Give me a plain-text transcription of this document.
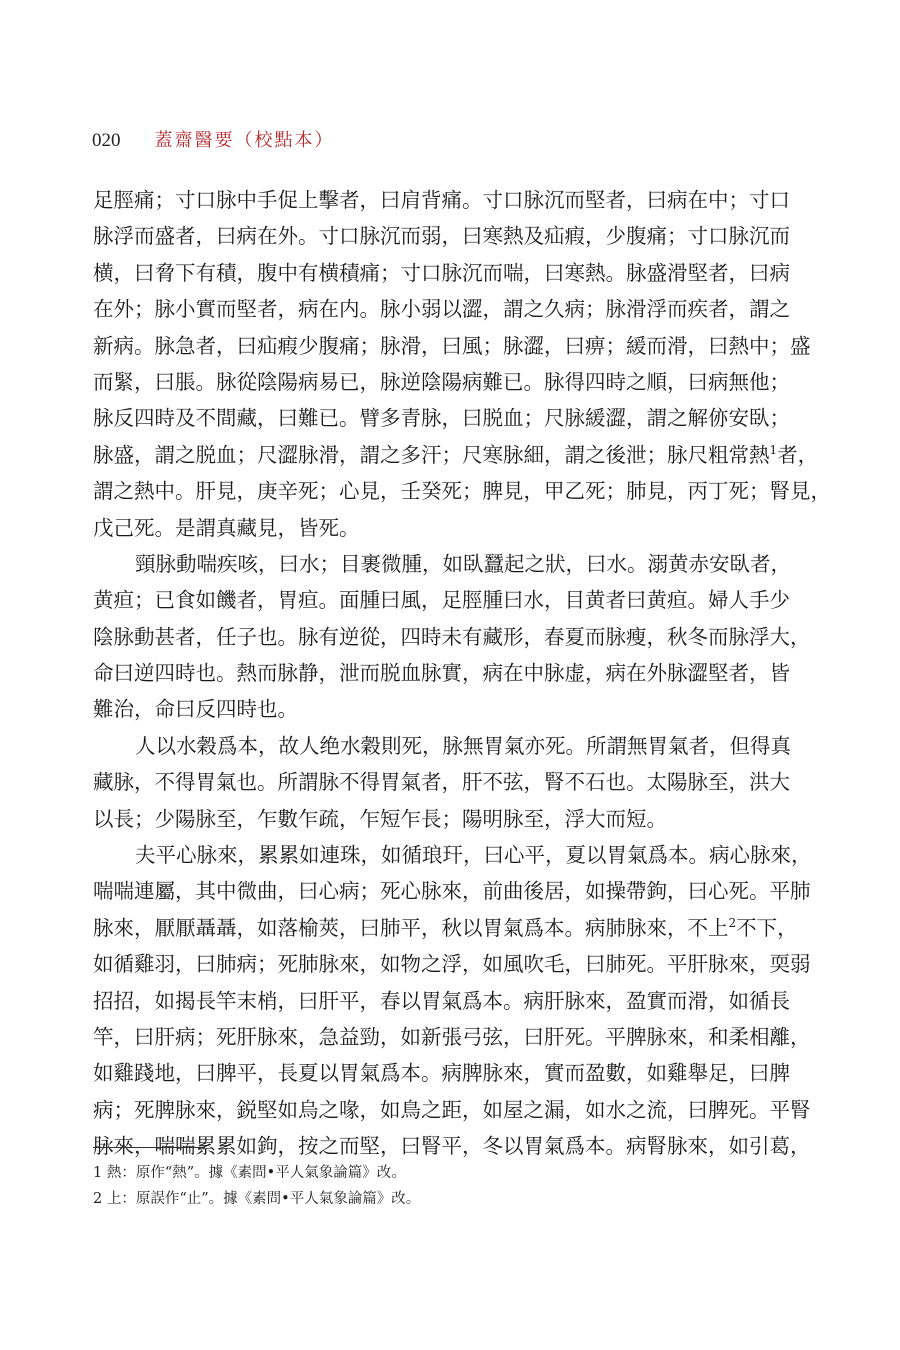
020 蓋齋醫要（校點本）
足 脛 痛 ； 寸 口 脉 中 手 促 上 擊 者 ， 曰 肩 背 痛 。 寸 口 脉 沉 而 堅 者 ， 曰 病 在 中 ； 寸 口
脉 浮 而 盛 者 ， 曰 病 在 外 。 寸 口 脉 沉 而 弱 ， 曰 寒 熱 及 疝 瘕 ， 少 腹 痛 ； 寸 口 脉 沉 而
横 ， 曰 脅 下 有 積 ， 腹 中 有 横 積 痛 ； 寸 口 脉 沉 而 喘 ， 曰 寒 熱 。 脉 盛 滑 堅 者 ， 曰 病
在 外 ； 脉 小 實 而 堅 者 ， 病 在 内 。 脉 小 弱 以 澀 ， 謂 之 久 病 ； 脉 滑 浮 而 疾 者 ， 謂 之
新 病 。 脉 急 者 ， 曰 疝 瘕 少 腹 痛 ； 脉 滑 ， 曰 風 ； 脉 澀 ， 曰 痹 ； 緩 而 滑 ， 曰 熱 中 ； 盛
而 緊 ， 曰 脹 。 脉 從 陰 陽 病 易 已 ， 脉 逆 陰 陽 病 難 已 。 脉 得 四 時 之 順 ， 曰 病 無 他 ；
脉 反 四 時 及 不 間 藏 ， 曰 難 已 。 臂 多 青 脉 ， 曰 脱 血 ； 尺 脉 緩 澀 ， 謂 之 解 㑊 安 臥 ；
脉 盛 ， 謂 之 脱 血 ； 尺 澀 脉 滑 ， 謂 之 多 汗 ； 尺 寒 脉 細 ， 謂 之 後 泄 ； 脉 尺 粗 常 熱 $^1$ 者 ，
謂 之 熱 中 。 肝 見 ， 庚 辛 死 ； 心 見 ， 壬 癸 死 ； 脾 見 ， 甲 乙 死 ； 肺 見 ， 丙 丁 死 ； 腎 見 ，
戊 己 死 。 是 謂 真 藏 見 ， 皆 死 。
頸 脉 動 喘 疾 咳 ， 曰 水 ； 目 裹 微 腫 ， 如 臥 蠶 起 之 狀 ， 曰 水 。 溺 黄 赤 安 臥 者 ，
黄 疸 ； 已 食 如 饑 者 ， 胃 疸 。 面 腫 曰 風 ， 足 脛 腫 曰 水 ， 目 黄 者 曰 黄 疸 。 婦 人 手 少
陰 脉 動 甚 者 ， 任 子 也 。 脉 有 逆 從 ， 四 時 未 有 藏 形 ， 春 夏 而 脉 瘦 ， 秋 冬 而 脉 浮 大 ，
命 曰 逆 四 時 也 。 熱 而 脉 静 ， 泄 而 脱 血 脉 實 ， 病 在 中 脉 虚 ， 病 在 外 脉 澀 堅 者 ， 皆
難 治 ， 命 曰 反 四 時 也 。
人 以 水 穀 爲 本 ， 故 人 绝 水 穀 則 死 ， 脉 無 胃 氣 亦 死 。 所 謂 無 胃 氣 者 ， 但 得 真
藏 脉 ， 不 得 胃 氣 也 。 所 謂 脉 不 得 胃 氣 者 ， 肝 不 弦 ， 腎 不 石 也 。 太 陽 脉 至 ， 洪 大
以 長 ； 少 陽 脉 至 ， 乍 數 乍 疏 ， 乍 短 乍 長 ； 陽 明 脉 至 ， 浮 大 而 短 。
夫 平 心 脉 來 ， 累 累 如 連 珠 ， 如 循 琅 玕 ， 曰 心 平 ， 夏 以 胃 氣 爲 本 。 病 心 脉 來 ，
喘 喘 連 屬 ， 其 中 微 曲 ， 曰 心 病 ； 死 心 脉 來 ， 前 曲 後 居 ， 如 操 帶 鉤 ， 曰 心 死 。 平 肺
脉 來 ， 厭 厭 聶 聶 ， 如 落 榆 莢 ， 曰 肺 平 ， 秋 以 胃 氣 爲 本 。 病 肺 脉 來 ， 不 上 $^2$ 不 下 ，
如 循 雞 羽 ， 曰 肺 病 ； 死 肺 脉 來 ， 如 物 之 浮 ， 如 風 吹 毛 ， 曰 肺 死 。 平 肝 脉 來 ， 耎 弱
招 招 ， 如 揭 長 竿 末 梢 ， 曰 肝 平 ， 春 以 胃 氣 爲 本 。 病 肝 脉 來 ， 盈 實 而 滑 ， 如 循 長
竿 ， 曰 肝 病 ； 死 肝 脉 來 ， 急 益 勁 ， 如 新 張 弓 弦 ， 曰 肝 死 。 平 脾 脉 來 ， 和 柔 相 離 ，
如 雞 踐 地 ， 曰 脾 平 ， 長 夏 以 胃 氣 爲 本 。 病 脾 脉 來 ， 實 而 盈 數 ， 如 雞 舉 足 ， 曰 脾
病 ； 死 脾 脉 來 ， 鋭 堅 如 烏 之 喙 ， 如 鳥 之 距 ， 如 屋 之 漏 ， 如 水 之 流 ， 曰 脾 死 。 平 腎
脉 來 ， 喘 喘 累 累 如 鉤 ， 按 之 而 堅 ， 曰 腎 平 ， 冬 以 胃 氣 爲 本 。 病 腎 脉 來 ， 如 引 葛 ，
1 熱：原作“熱”。據《素問•平人氣象論篇》改。
2 上：原誤作“止”。據《素問•平人氣象論篇》改。
